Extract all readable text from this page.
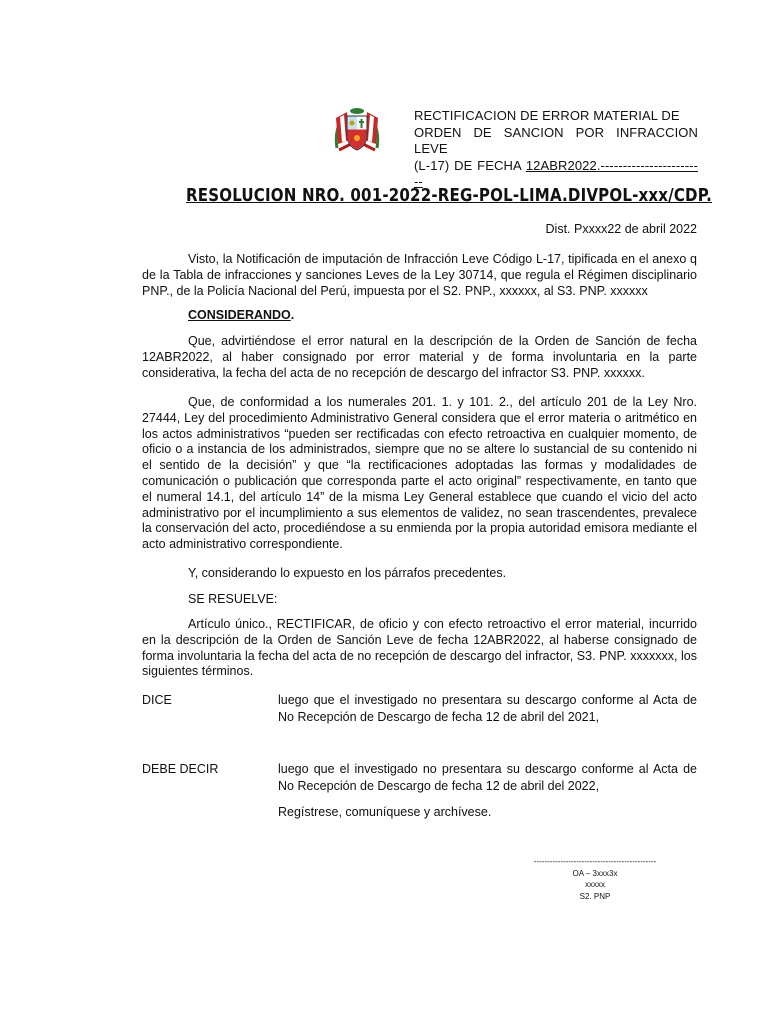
RECTIFICACION DE ERROR MATERIAL DE
ORDEN DE SANCION POR INFRACCION LEVE
(L-17) DE FECHA 12ABR2022.------------------------
RESOLUCION NRO. 001-2022-REG-POL-LIMA.DIVPOL-xxx/CDP.
Dist. Pxxxx22 de abril 2022

Visto, la Notificación de imputación de Infracción Leve Código L-17, tipificada en el anexo q de la Tabla de infracciones y sanciones Leves de la Ley 30714, que regula el Régimen disciplinario PNP., de la Policía Nacional del Perú, impuesta por el S2. PNP., xxxxxx, al S3. PNP. xxxxxx

CONSIDERANDO.

Que, advirtiéndose el error natural en la descripción de la Orden de Sanción de fecha 12ABR2022, al haber consignado por error material y de forma involuntaria en la parte considerativa, la fecha del acta de no recepción de descargo del infractor S3. PNP. xxxxxx.

Que, de conformidad a los numerales 201. 1. y 101. 2., del artículo 201 de la Ley Nro. 27444, Ley del procedimiento Administrativo General considera que el error materia o aritmético en los actos administrativos “pueden ser rectificadas con efecto retroactiva en cualquier momento, de oficio o a instancia de los administrados, siempre que no se altere lo sustancial de su contenido ni el sentido de la decisión” y que “la rectificaciones adoptadas las formas y modalidades de comunicación o publicación que corresponda parte el acto original” respectivamente, en tanto que el numeral 14.1, del artículo 14” de la misma Ley General establece que cuando el vicio del acto administrativo por el incumplimiento a sus elementos de validez, no sean trascendentes, prevalece la conservación del acto, procediéndose a su enmienda por la propia autoridad emisora mediante el acto administrativo correspondiente.

Y, considerando lo expuesto en los párrafos precedentes.
SE RESUELVE:

Artículo único., RECTIFICAR, de oficio y con efecto retroactivo el error material, incurrido en la descripción de la Orden de Sanción Leve de fecha 12ABR2022, al haberse consignado de forma involuntaria la fecha del acta de no recepción de descargo del infractor, S3. PNP. xxxxxxx, los siguientes términos.

DICE	luego que el investigado no presentara su descargo conforme al Acta de No Recepción de Descargo de fecha 12 de abril del 2021,

DEBE DECIR	luego que el investigado no presentara su descargo conforme al Acta de No Recepción de Descargo de fecha 12 de abril del 2022,

Regístrese, comuníquese y archívese.
----------------------------------------------
OA – 3xxx3x
xxxxx
S2. PNP
